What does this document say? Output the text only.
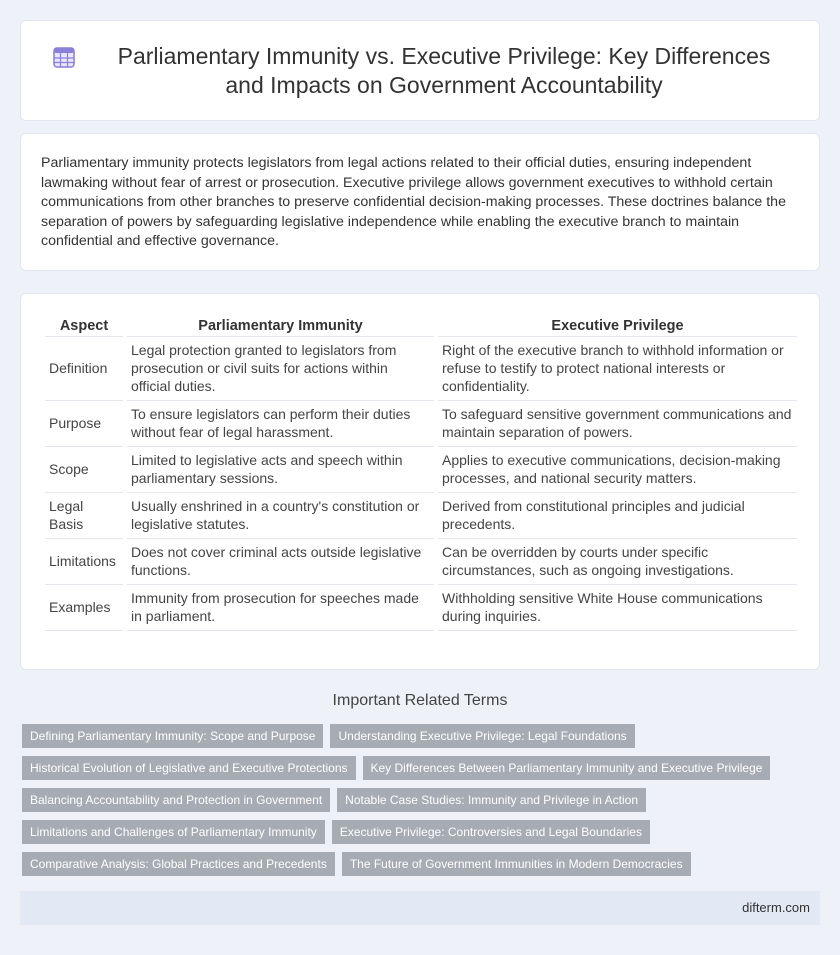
Parliamentary Immunity vs. Executive Privilege: Key Differences and Impacts on Government Accountability

Parliamentary immunity protects legislators from legal actions related to their official duties, ensuring independent lawmaking without fear of arrest or prosecution. Executive privilege allows government executives to withhold certain communications from other branches to preserve confidential decision-making processes. These doctrines balance the separation of powers by safeguarding legislative independence while enabling the executive branch to maintain confidential and effective governance.

Aspect	Parliamentary Immunity	Executive Privilege
Definition	Legal protection granted to legislators from prosecution or civil suits for actions within official duties.	Right of the executive branch to withhold information or refuse to testify to protect national interests or confidentiality.
Purpose	To ensure legislators can perform their duties without fear of legal harassment.	To safeguard sensitive government communications and maintain separation of powers.
Scope	Limited to legislative acts and speech within parliamentary sessions.	Applies to executive communications, decision-making processes, and national security matters.
Legal Basis	Usually enshrined in a country's constitution or legislative statutes.	Derived from constitutional principles and judicial precedents.
Limitations	Does not cover criminal acts outside legislative functions.	Can be overridden by courts under specific circumstances, such as ongoing investigations.
Examples	Immunity from prosecution for speeches made in parliament.	Withholding sensitive White House communications during inquiries.
Important Related Terms
Defining Parliamentary Immunity: Scope and Purpose	Understanding Executive Privilege: Legal Foundations
Historical Evolution of Legislative and Executive Protections	Key Differences Between Parliamentary Immunity and Executive Privilege
Balancing Accountability and Protection in Government	Notable Case Studies: Immunity and Privilege in Action
Limitations and Challenges of Parliamentary Immunity	Executive Privilege: Controversies and Legal Boundaries
Comparative Analysis: Global Practices and Precedents	The Future of Government Immunities in Modern Democracies
difterm.com
